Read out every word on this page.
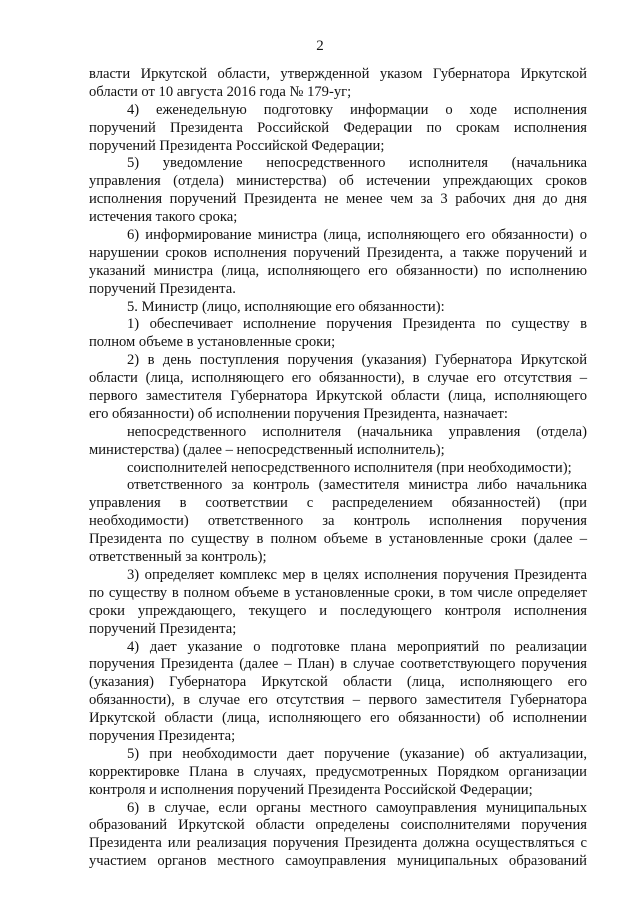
2
власти Иркутской области, утвержденной указом Губернатора Иркутской
области от 10 августа 2016 года № 179-уг;
4) еженедельную подготовку информации о ходе исполнения
поручений Президента Российской Федерации по срокам исполнения
поручений Президента Российской Федерации;
5) уведомление непосредственного исполнителя (начальника
управления (отдела) министерства) об истечении упреждающих сроков
исполнения поручений Президента не менее чем за 3 рабочих дня до дня
истечения такого срока;
6) информирование министра (лица, исполняющего его обязанности) о
нарушении сроков исполнения поручений Президента, а также поручений и
указаний министра (лица, исполняющего его обязанности) по исполнению
поручений Президента.
5. Министр (лицо, исполняющие его обязанности):
1) обеспечивает исполнение поручения Президента по существу в
полном объеме в установленные сроки;
2) в день поступления поручения (указания) Губернатора Иркутской
области (лица, исполняющего его обязанности), в случае его отсутствия –
первого заместителя Губернатора Иркутской области (лица, исполняющего
его обязанности) об исполнении поручения Президента, назначает:
непосредственного исполнителя (начальника управления (отдела)
министерства) (далее – непосредственный исполнитель);
соисполнителей непосредственного исполнителя (при необходимости);
ответственного за контроль (заместителя министра либо начальника
управления в соответствии с распределением обязанностей) (при
необходимости) ответственного за контроль исполнения поручения
Президента по существу в полном объеме в установленные сроки (далее –
ответственный за контроль);
3) определяет комплекс мер в целях исполнения поручения Президента
по существу в полном объеме в установленные сроки, в том числе определяет
сроки упреждающего, текущего и последующего контроля исполнения
поручений Президента;
4) дает указание о подготовке плана мероприятий по реализации
поручения Президента (далее – План) в случае соответствующего поручения
(указания) Губернатора Иркутской области (лица, исполняющего его
обязанности), в случае его отсутствия – первого заместителя Губернатора
Иркутской области (лица, исполняющего его обязанности) об исполнении
поручения Президента;
5) при необходимости дает поручение (указание) об актуализации,
корректировке Плана в случаях, предусмотренных Порядком организации
контроля и исполнения поручений Президента Российской Федерации;
6) в случае, если органы местного самоуправления муниципальных
образований Иркутской области определены соисполнителями поручения
Президента или реализация поручения Президента должна осуществляться с
участием органов местного самоуправления муниципальных образований
